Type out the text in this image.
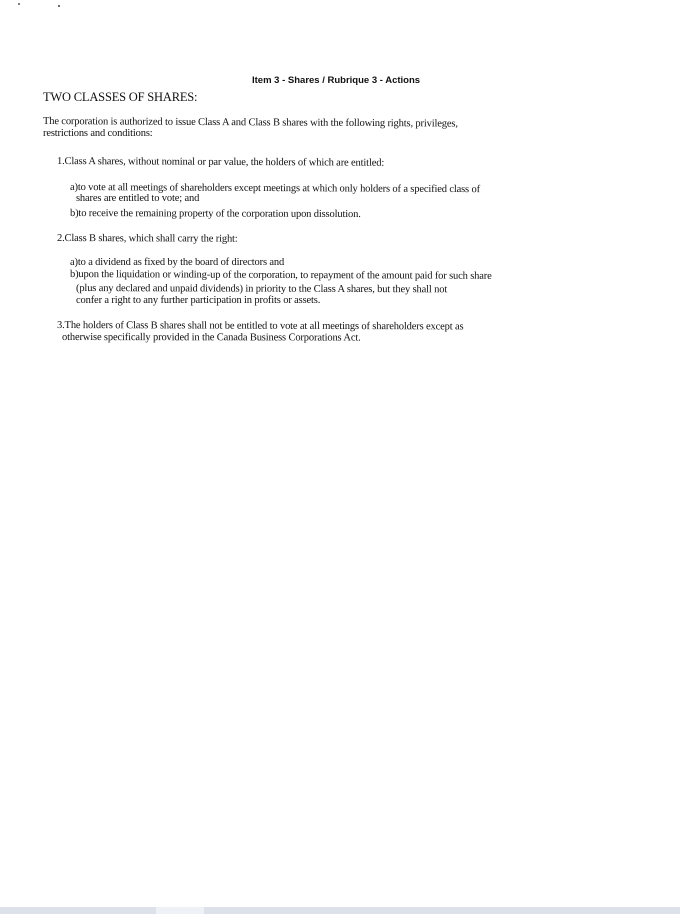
Item 3 - Shares / Rubrique 3 - Actions
TWO CLASSES OF SHARES:
The corporation is authorized to issue Class A and Class B shares with the following rights, privileges,
restrictions and conditions:
1.Class A shares, without nominal or par value, the holders of which are entitled:
a)to vote at all meetings of shareholders except meetings at which only holders of a specified class of
shares are entitled to vote; and
b)to receive the remaining property of the corporation upon dissolution.
2.Class B shares, which shall carry the right:
a)to a dividend as fixed by the board of directors and
b)upon the liquidation or winding-up of the corporation, to repayment of the amount paid for such share
(plus any declared and unpaid dividends) in priority to the Class A shares, but they shall not
confer a right to any further participation in profits or assets.
3.The holders of Class B shares shall not be entitled to vote at all meetings of shareholders except as
otherwise specifically provided in the Canada Business Corporations Act.
